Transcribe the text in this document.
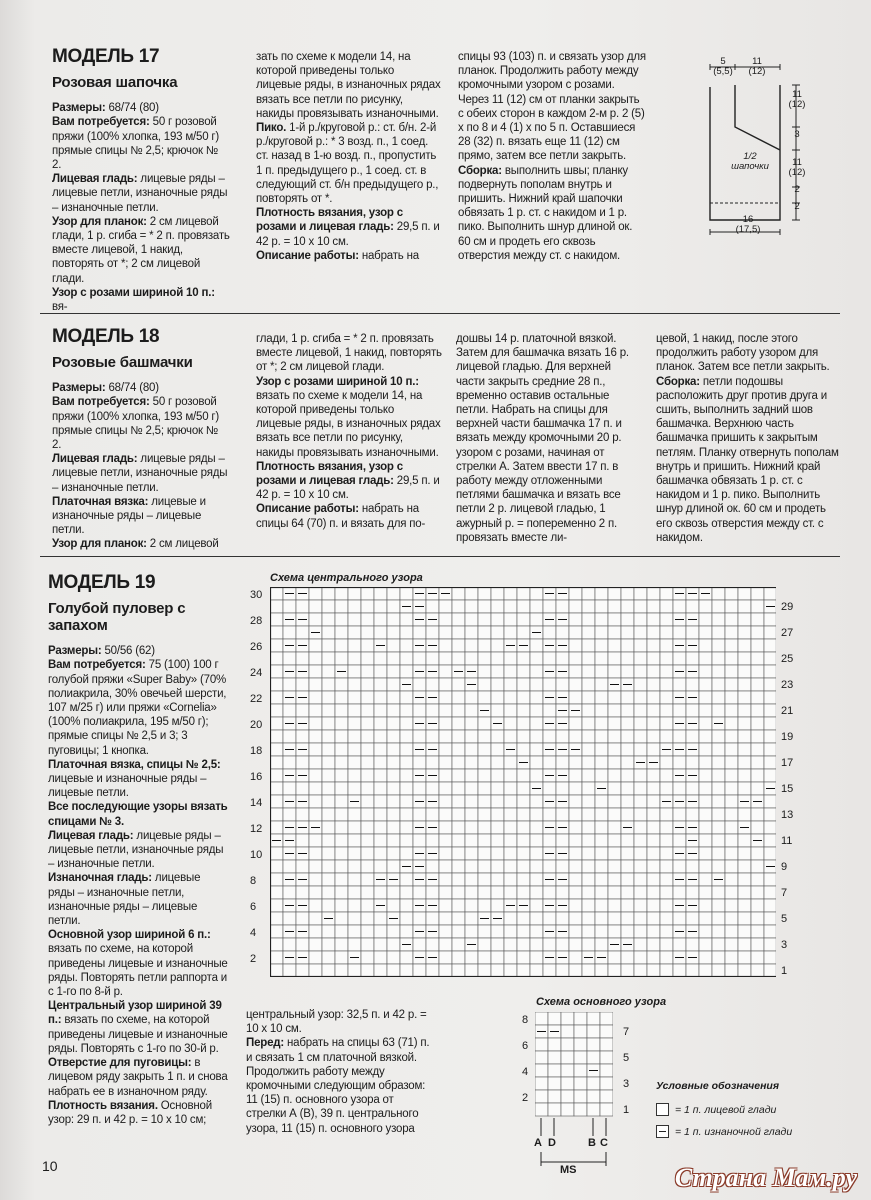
МОДЕЛЬ 17
Розовая шапочка

Размеры: 68/74 (80)

Вам потребуется: 50 г розовой пряжи (100% хлопка, 193 м/50 г) прямые спицы № 2,5; крючок № 2.

Лицевая гладь: лицевые ряды – лицевые петли, изнаночные ряды – изнаночные петли.

Узор для планок: 2 см лицевой глади, 1 р. сгиба = * 2 п. провязать вместе лицевой, 1 накид, повторять от *; 2 см лицевой глади.

Узор с розами шириной 10 п.: вя-

зать по схеме к модели 14, на которой приведены только лицевые ряды, в изнаночных рядах вязать все петли по рисунку, накиды провязывать изнаночными.

Пико. 1-й р./круговой р.: ст. б/н. 2-й р./круговой р.: * 3 возд. п., 1 соед. ст. назад в 1-ю возд. п., пропустить 1 п. предыдущего р., 1 соед. ст. в следующий ст. б/н предыдущего р., повторять от *.

Плотность вязания, узор с розами и лицевая гладь: 29,5 п. и 42 р. = 10 х 10 см.

Описание работы: набрать на

спицы 93 (103) п. и связать узор для планок. Продолжить работу между кромочными узором с розами. Через 11 (12) см от планки закрыть с обеих сторон в каждом 2-м р. 2 (5) х по 8 и 4 (1) х по 5 п. Оставшиеся 28 (32) п. вязать еще 11 (12) см прямо, затем все петли закрыть.

Сборка: выполнить швы; планку подвернуть пополам внутрь и пришить. Нижний край шапочки обвязать 1 р. ст. с накидом и 1 р. пико. Выполнить шнур длиной ок. 60 см и продеть его сквозь отверстия между ст. с накидом.

5
(5,5)
11
(12)
11
(12)
3
11
(12)
2
2
1/2
шапочки
16
(17,5)
МОДЕЛЬ 18
Розовые башмачки

Размеры: 68/74 (80)

Вам потребуется: 50 г розовой пряжи (100% хлопка, 193 м/50 г) прямые спицы № 2,5; крючок № 2.

Лицевая гладь: лицевые ряды – лицевые петли, изнаночные ряды – изнаночные петли.

Платочная вязка: лицевые и изнаночные ряды – лицевые петли.

Узор для планок: 2 см лицевой

глади, 1 р. сгиба = * 2 п. провязать вместе лицевой, 1 накид, повторять от *; 2 см лицевой глади.

Узор с розами шириной 10 п.: вязать по схеме к модели 14, на которой приведены только лицевые ряды, в изнаночных рядах вязать все петли по рисунку, накиды провязывать изнаночными.

Плотность вязания, узор с розами и лицевая гладь: 29,5 п. и 42 р. = 10 х 10 см.

Описание работы: набрать на спицы 64 (70) п. и вязать для по-

дошвы 14 р. платочной вязкой. Затем для башмачка вязать 16 р. лицевой гладью. Для верхней части закрыть средние 28 п., временно оставив остальные петли. Набрать на спицы для верхней части башмачка 17 п. и вязать между кромочными 20 р. узором с розами, начиная от стрелки А. Затем ввести 17 п. в работу между отложенными петлями башмачка и вязать все петли 2 р. лицевой гладью, 1 ажурный р. = попеременно 2 п. провязать вместе ли-

цевой, 1 накид, после этого продолжить работу узором для планок. Затем все петли закрыть.

Сборка: петли подошвы расположить друг против друга и сшить, выполнить задний шов башмачка. Верхнюю часть башмачка пришить к закрытым петлям. Планку отвернуть пополам внутрь и пришить. Нижний край башмачка обвязать 1 р. ст. с накидом и 1 р. пико. Выполнить шнур длиной ок. 60 см и продеть его сквозь отверстия между ст. с накидом.

МОДЕЛЬ 19
Голубой пуловер с запахом

Размеры: 50/56 (62)

Вам потребуется: 75 (100) 100 г голубой пряжи «Super Baby» (70% полиакрила, 30% овечьей шерсти, 107 м/25 г) или пряжи «Cornelia» (100% полиакрила, 195 м/50 г); прямые спицы № 2,5 и 3; 3 пуговицы; 1 кнопка.

Платочная вязка, спицы № 2,5: лицевые и изнаночные ряды – лицевые петли.

Все последующие узоры вязать спицами № 3.

Лицевая гладь: лицевые ряды – лицевые петли, изнаночные ряды – изнаночные петли.

Изнаночная гладь: лицевые ряды – изнаночные петли, изнаночные ряды – лицевые петли.

Основной узор шириной 6 п.: вязать по схеме, на которой приведены лицевые и изнаночные ряды. Повторять петли раппорта и с 1-го по 8-й р.

Центральный узор шириной 39 п.: вязать по схеме, на которой приведены лицевые и изнаночные ряды. Повторять с 1-го по 30-й р.

Отверстие для пуговицы: в лицевом ряду закрыть 1 п. и снова набрать ее в изнаночном ряду.

Плотность вязания. Основной узор: 29 п. и 42 р. = 10 х 10 см;

центральный узор: 32,5 п. и 42 р. = 10 х 10 см.

Перед: набрать на спицы 63 (71) п. и связать 1 см платочной вязкой. Продолжить работу между кромочными следующим образом: 11 (15) п. основного узора от стрелки А (В), 39 п. центрального узора, 11 (15) п. основного узора

Схема центрального узора
30
28
26
24
22
20
18
16
14
12
10
8
6
4
2
29
27
25
23
21
19
17
15
13
11
9
7
5
3
1
Схема основного узора
8
6
4
2
7
5
3
1
A D	B C
MS
Условные обозначения
= 1 п. лицевой глади
= 1 п. изнаночной глади
10	Страна Мам.ру
